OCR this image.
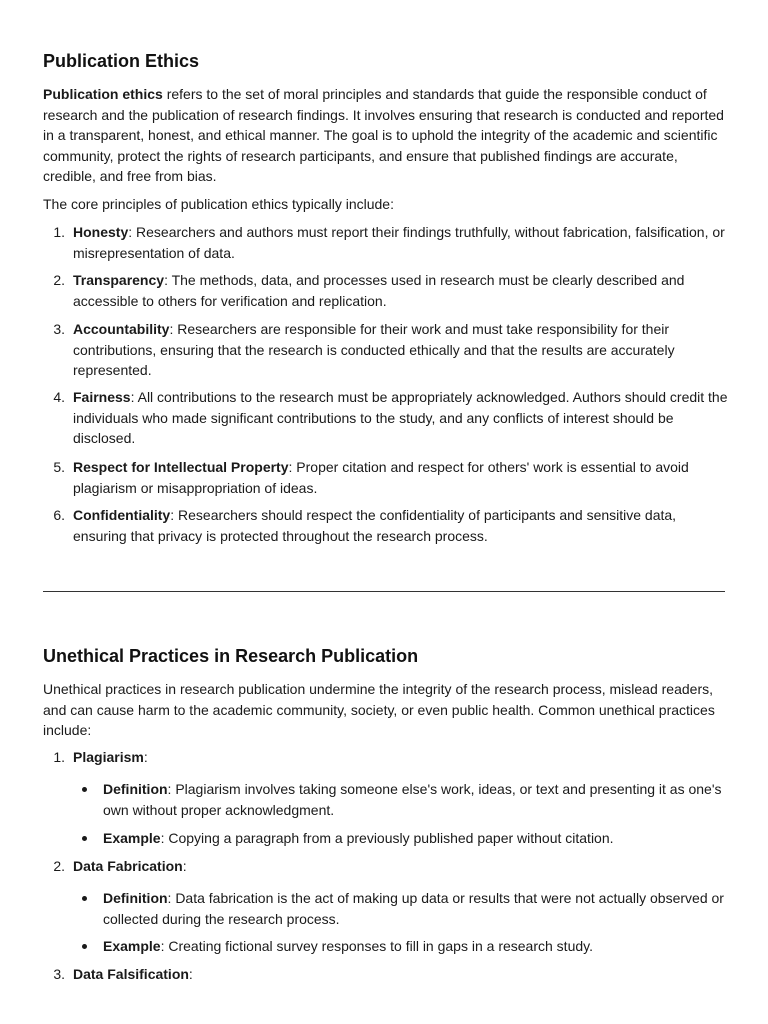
Publication Ethics

Publication ethics refers to the set of moral principles and standards that guide the responsible conduct of research and the publication of research findings. It involves ensuring that research is conducted and reported in a transparent, honest, and ethical manner. The goal is to uphold the integrity of the academic and scientific community, protect the rights of research participants, and ensure that published findings are accurate, credible, and free from bias.

The core principles of publication ethics typically include:

1. Honesty: Researchers and authors must report their findings truthfully, without fabrication, falsification, or misrepresentation of data.
2. Transparency: The methods, data, and processes used in research must be clearly described and accessible to others for verification and replication.
3. Accountability: Researchers are responsible for their work and must take responsibility for their contributions, ensuring that the research is conducted ethically and that the results are accurately represented.
4. Fairness: All contributions to the research must be appropriately acknowledged. Authors should credit the individuals who made significant contributions to the study, and any conflicts of interest should be disclosed.
5. Respect for Intellectual Property: Proper citation and respect for others' work is essential to avoid plagiarism or misappropriation of ideas.
6. Confidentiality: Researchers should respect the confidentiality of participants and sensitive data, ensuring that privacy is protected throughout the research process.
Unethical Practices in Research Publication

Unethical practices in research publication undermine the integrity of the research process, mislead readers, and can cause harm to the academic community, society, or even public health. Common unethical practices include:

1. Plagiarism:
Definition: Plagiarism involves taking someone else's work, ideas, or text and presenting it as one's own without proper acknowledgment.
Example: Copying a paragraph from a previously published paper without citation.
2. Data Fabrication:
Definition: Data fabrication is the act of making up data or results that were not actually observed or collected during the research process.
Example: Creating fictional survey responses to fill in gaps in a research study.
3. Data Falsification:
